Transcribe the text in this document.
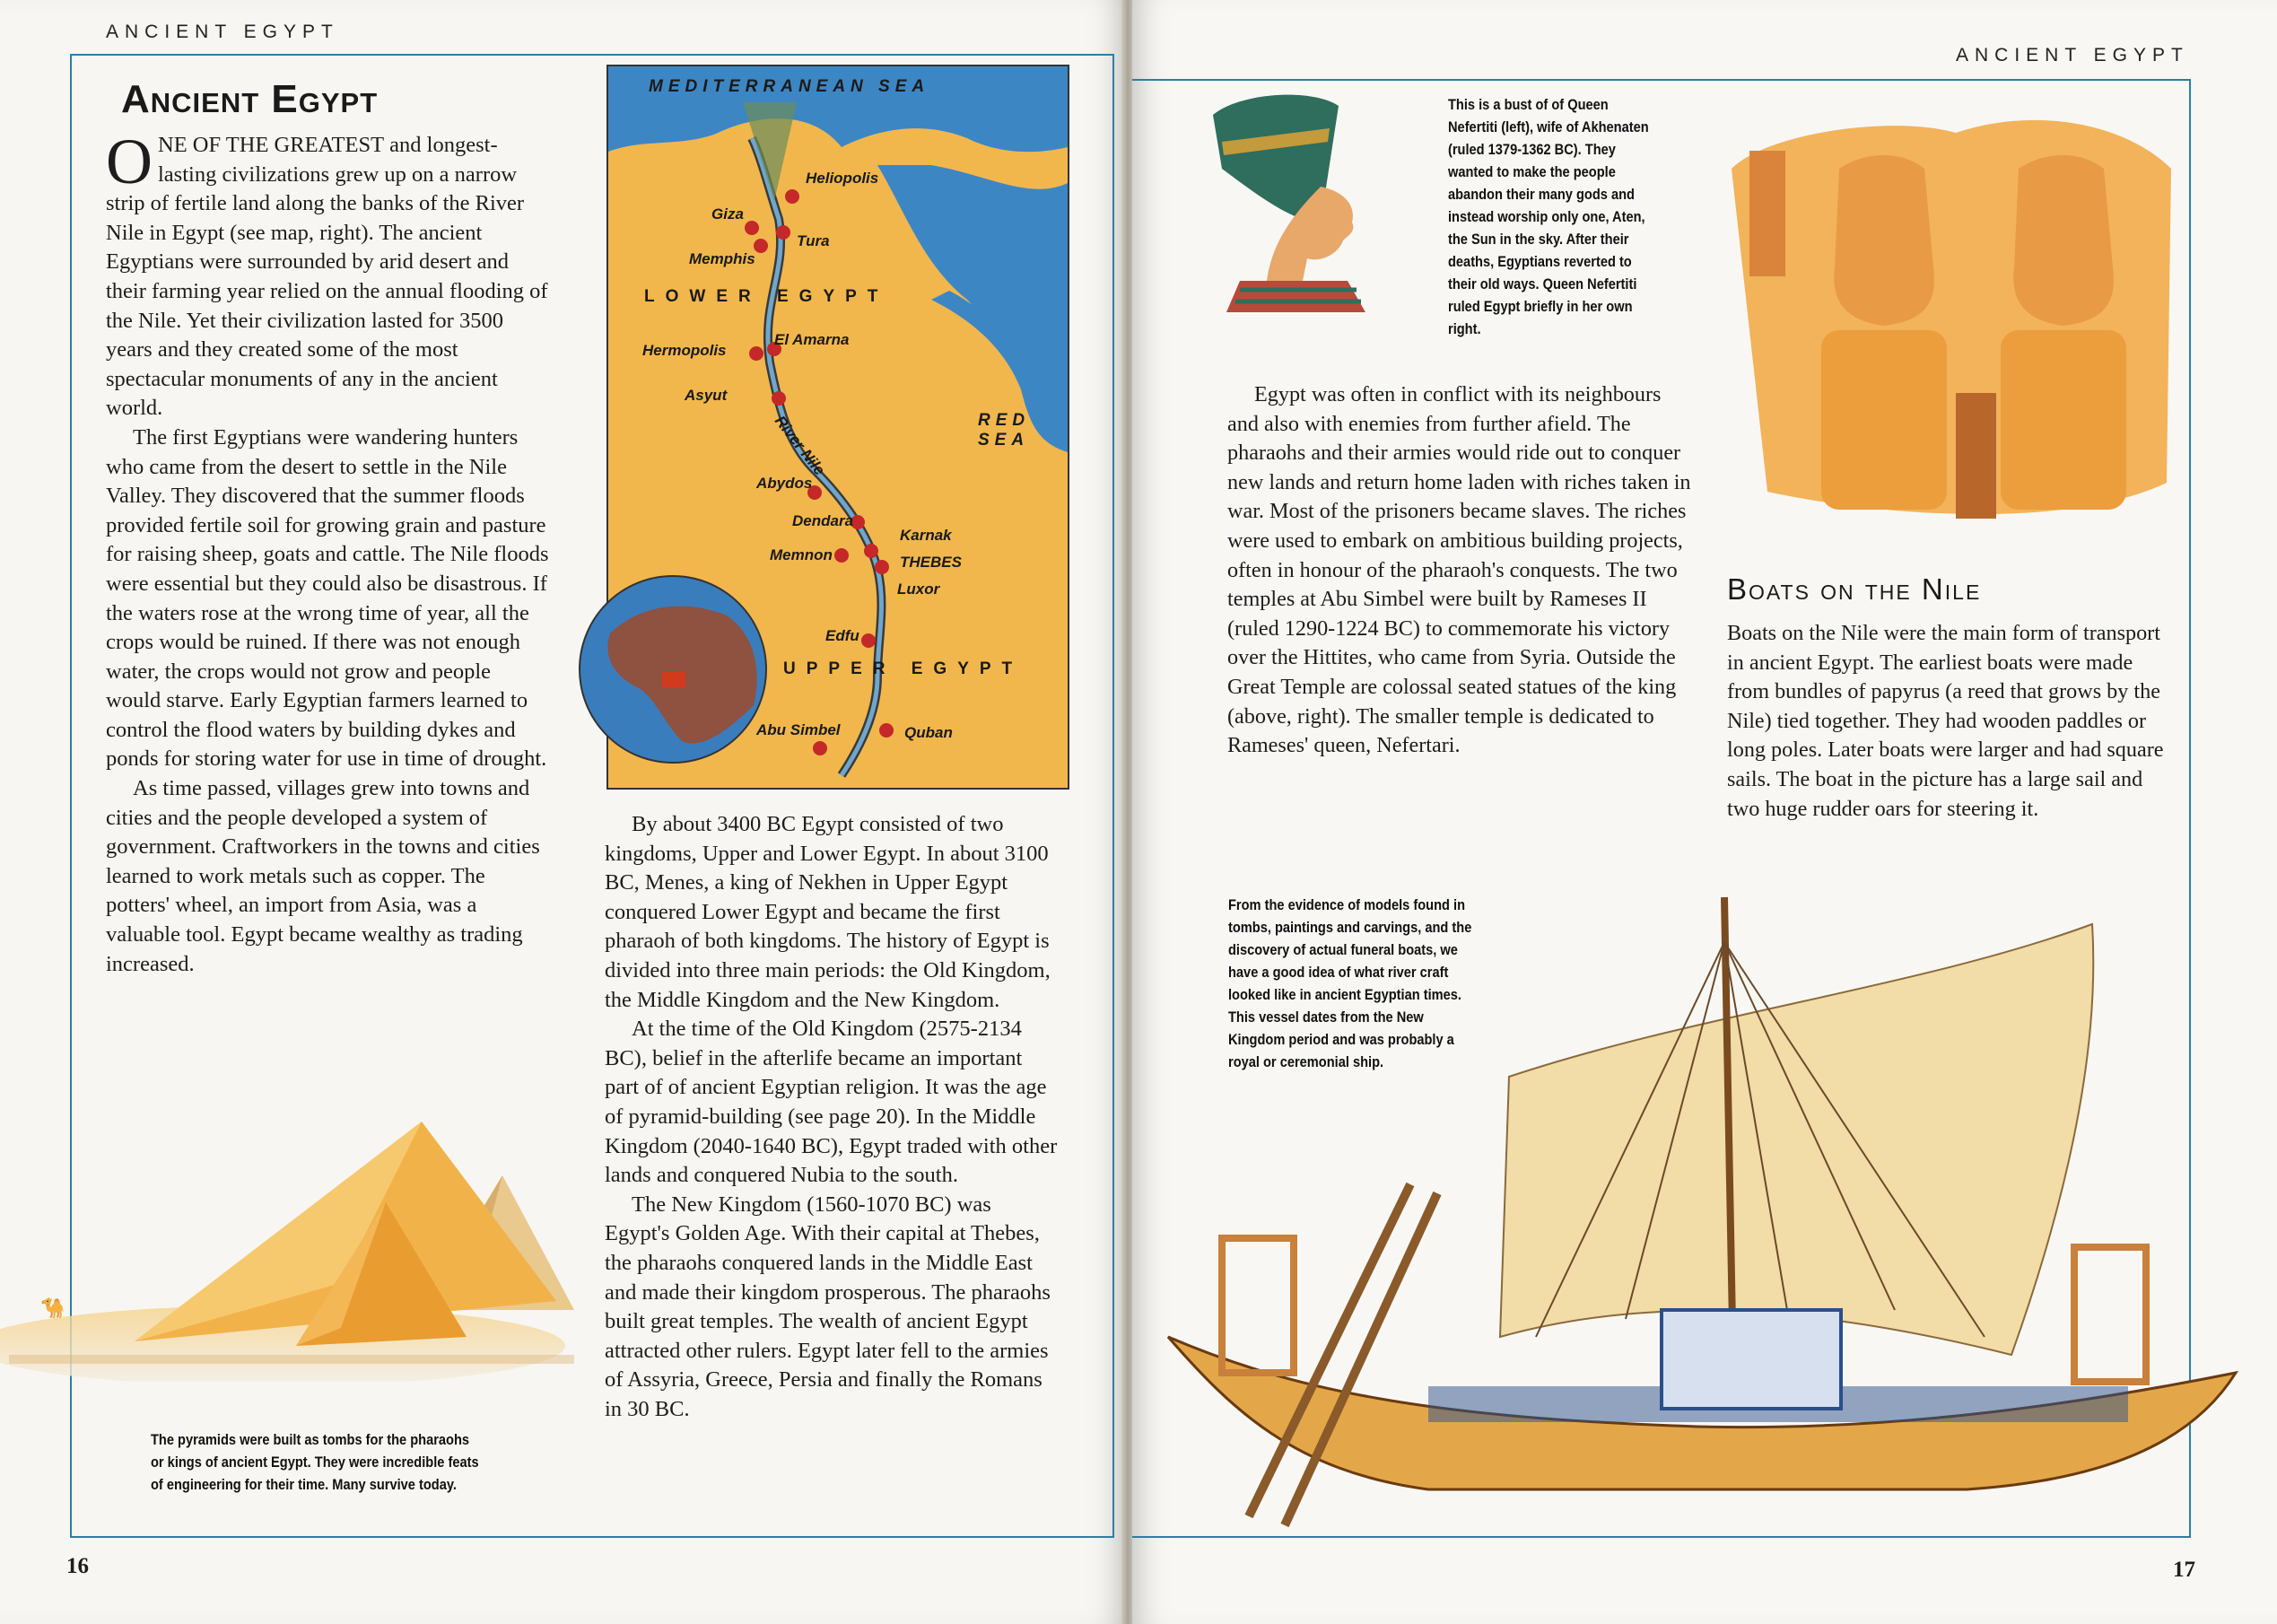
ANCIENT EGYPT
Ancient Egypt

ONE OF THE GREATEST and longest-lasting civilizations grew up on a narrow strip of fertile land along the banks of the River Nile in Egypt (see map, right). The ancient Egyptians were surrounded by arid desert and their farming year relied on the annual flooding of the Nile. Yet their civilization lasted for 3500 years and they created some of the most spectacular monuments of any in the ancient world.

The first Egyptians were wandering hunters who came from the desert to settle in the Nile Valley. They discovered that the summer floods provided fertile soil for growing grain and pasture for raising sheep, goats and cattle. The Nile floods were essential but they could also be disastrous. If the waters rose at the wrong time of year, all the crops would be ruined. If there was not enough water, the crops would not grow and people would starve. Early Egyptian farmers learned to control the flood waters by building dykes and ponds for storing water for use in time of drought.

As time passed, villages grew into towns and cities and the people developed a system of government. Craftworkers in the towns and cities learned to work metals such as copper. The potters' wheel, an import from Asia, was a valuable tool. Egypt became wealthy as trading increased.

🐪
The pyramids were built as tombs for the pharaohs or kings of ancient Egypt. They were incredible feats of engineering for their time. Many survive today.
MEDITERRANEAN SEA
RED
SEA
Heliopolis
Giza
Tura
Memphis
LOWER EGYPT
El Amarna
Hermopolis
Asyut
River Nile
Abydos
Dendara
Karnak
Memnon	THEBES
Luxor
Edfu
UPPER EGYPT
Abu Simbel	Quban

By about 3400 BC Egypt consisted of two kingdoms, Upper and Lower Egypt. In about 3100 BC, Menes, a king of Nekhen in Upper Egypt conquered Lower Egypt and became the first pharaoh of both kingdoms. The history of Egypt is divided into three main periods: the Old Kingdom, the Middle Kingdom and the New Kingdom.

At the time of the Old Kingdom (2575-2134 BC), belief in the afterlife became an important part of of ancient Egyptian religion. It was the age of pyramid-building (see page 20). In the Middle Kingdom (2040-1640 BC), Egypt traded with other lands and conquered Nubia to the south.

The New Kingdom (1560-1070 BC) was Egypt's Golden Age. With their capital at Thebes, the pharaohs conquered lands in the Middle East and made their kingdom prosperous. The pharaohs built great temples. The wealth of ancient Egypt attracted other rulers. Egypt later fell to the armies of Assyria, Greece, Persia and finally the Romans in 30 BC.

16
ANCIENT EGYPT
This is a bust of of Queen Nefertiti (left), wife of Akhenaten (ruled 1379-1362 BC). They wanted to make the people abandon their many gods and instead worship only one, Aten, the Sun in the sky. After their deaths, Egyptians reverted to their old ways. Queen Nefertiti ruled Egypt briefly in her own right.

Egypt was often in conflict with its neighbours and also with enemies from further afield. The pharaohs and their armies would ride out to conquer new lands and return home laden with riches taken in war. Most of the prisoners became slaves. The riches were used to embark on ambitious building projects, often in honour of the pharaoh's conquests. The two temples at Abu Simbel were built by Rameses II (ruled 1290-1224 BC) to commemorate his victory over the Hittites, who came from Syria. Outside the Great Temple are colossal seated statues of the king (above, right). The smaller temple is dedicated to Rameses' queen, Nefertari.

Boats on the Nile

Boats on the Nile were the main form of transport in ancient Egypt. The earliest boats were made from bundles of papyrus (a reed that grows by the Nile) tied together. They had wooden paddles or long poles. Later boats were larger and had square sails. The boat in the picture has a large sail and two huge rudder oars for steering it.

From the evidence of models found in tombs, paintings and carvings, and the discovery of actual funeral boats, we have a good idea of what river craft looked like in ancient Egyptian times. This vessel dates from the New Kingdom period and was probably a royal or ceremonial ship.
17
